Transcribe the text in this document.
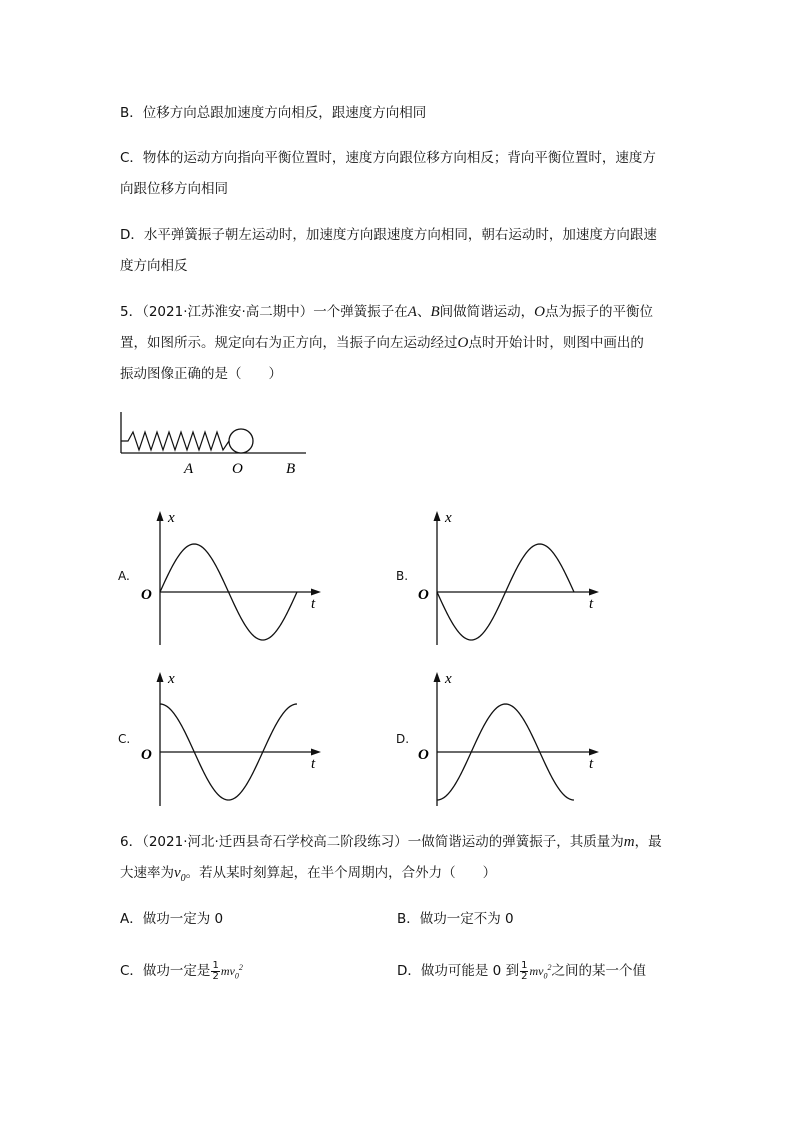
B．位移方向总跟加速度方向相反，跟速度方向相同
C．物体的运动方向指向平衡位置时，速度方向跟位移方向相反；背向平衡位置时，速度方
向跟位移方向相同
D．水平弹簧振子朝左运动时，加速度方向跟速度方向相同，朝右运动时，加速度方向跟速
度方向相反
5．（2021·江苏淮安·高二期中）一个弹簧振子在A、B间做简谐运动，O点为振子的平衡位
置，如图所示。规定向右为正方向，当振子向左运动经过O点时开始计时，则图中画出的
振动图像正确的是（　　）
A	O	B
x
t
O
x
t
O
x
t
O
x
t
O
A.	B.
C.	D.
6．（2021·河北·迁西县奇石学校高二阶段练习）一做简谐运动的弹簧振子，其质量为m，最
大速率为$v_0$。若从某时刻算起，在半个周期内，合外力（　　）
A．做功一定为 0	B．做功一定不为 0
C．做功一定是 $\frac{1}{2} mv_0^2$	D．做功可能是 0 到 $\frac{1}{2} mv_0^2$之间的某一个值
